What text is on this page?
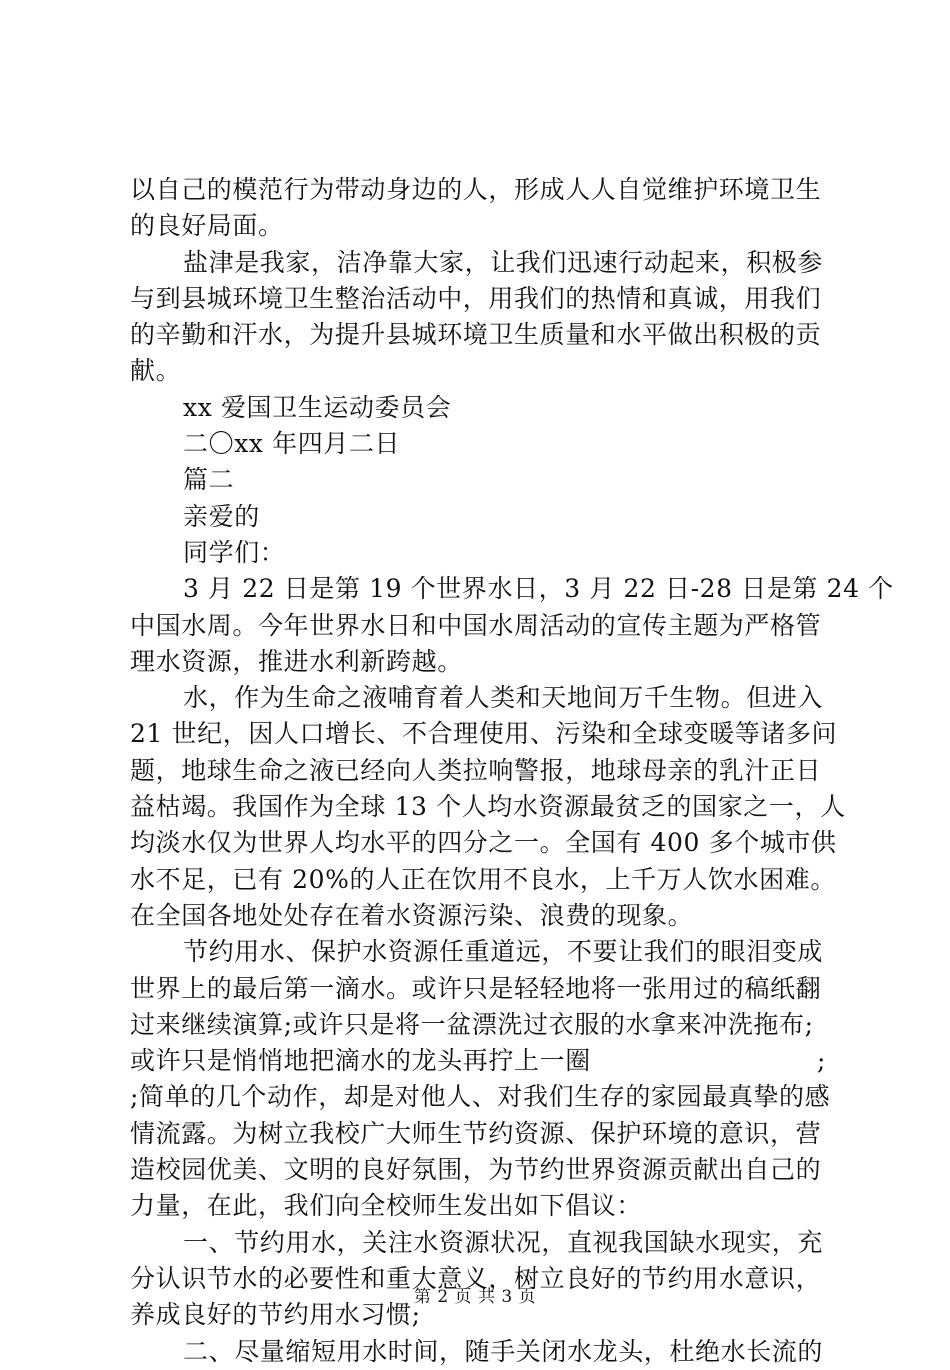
以自己的模范行为带动身边的人，形成人人自觉维护环境卫生
的良好局面。
盐津是我家，洁净靠大家，让我们迅速行动起来，积极参
与到县城环境卫生整治活动中，用我们的热情和真诚，用我们
的辛勤和汗水，为提升县城环境卫生质量和水平做出积极的贡
献。
xx 爱国卫生运动委员会
二〇xx 年四月二日
篇二
亲爱的
同学们：
3 月 22 日是第 19 个世界水日，3 月 22 日-28 日是第 24 个
中国水周。今年世界水日和中国水周活动的宣传主题为严格管
理水资源，推进水利新跨越。
水，作为生命之液哺育着人类和天地间万千生物。但进入
21 世纪，因人口增长、不合理使用、污染和全球变暖等诸多问
题，地球生命之液已经向人类拉响警报，地球母亲的乳汁正日
益枯竭。我国作为全球 13 个人均水资源最贫乏的国家之一，人
均淡水仅为世界人均水平的四分之一。全国有 400 多个城市供
水不足，已有 20%的人正在饮用不良水，上千万人饮水困难。
在全国各地处处存在着水资源污染、浪费的现象。
节约用水、保护水资源任重道远，不要让我们的眼泪变成
世界上的最后第一滴水。或许只是轻轻地将一张用过的稿纸翻
过来继续演算;或许只是将一盆漂洗过衣服的水拿来冲洗拖布;
或许只是悄悄地把滴水的龙头再拧上一圈	;
;简单的几个动作，却是对他人、对我们生存的家园最真挚的感
情流露。为树立我校广大师生节约资源、保护环境的意识，营
造校园优美、文明的良好氛围，为节约世界资源贡献出自己的
力量，在此，我们向全校师生发出如下倡议：
一、节约用水，关注水资源状况，直视我国缺水现实，充
分认识节水的必要性和重大意义，树立良好的节约用水意识，
养成良好的节约用水习惯;
二、尽量缩短用水时间，随手关闭水龙头，杜绝水长流的
第 2 页 共 3 页
